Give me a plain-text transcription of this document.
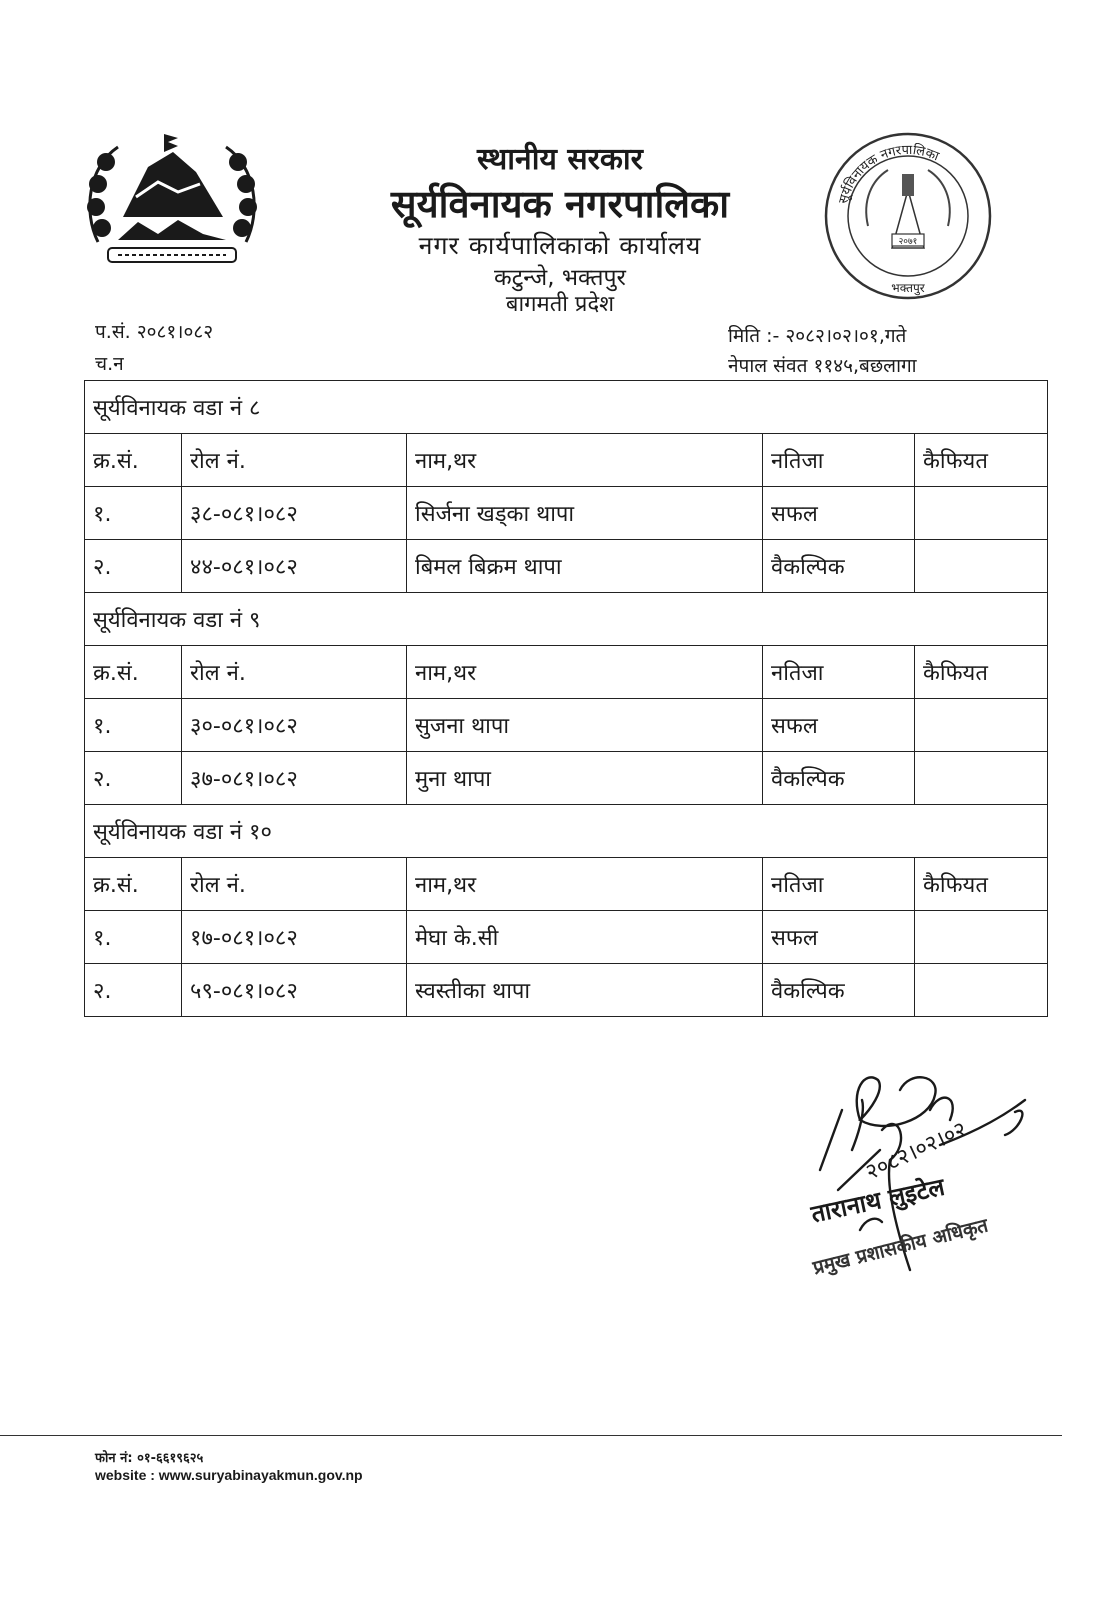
स्थानीय सरकार
सूर्यविनायक नगरपालिका
नगर कार्यपालिकाको कार्यालय
कटुन्जे, भक्तपुर
बागमती प्रदेश
२०७१
भक्तपुर
सूर्यविनायक नगरपालिका
प.सं. २०८१।०८२
च.न
मिति :- २०८२।०२।०१,गते
नेपाल संवत ११४५,बछलागा
सूर्यविनायक वडा नं ८				
क्र.सं.	रोल नं.	नाम,थर	नतिजा	कैफियत
१.	३८-०८१।०८२	सिर्जना खड्का थापा	सफल	
२.	४४-०८१।०८२	बिमल बिक्रम थापा	वैकल्पिक	
सूर्यविनायक वडा नं ९				
क्र.सं.	रोल नं.	नाम,थर	नतिजा	कैफियत
१.	३०-०८१।०८२	सुजना थापा	सफल	
२.	३७-०८१।०८२	मुना थापा	वैकल्पिक	
सूर्यविनायक वडा नं १०				
क्र.सं.	रोल नं.	नाम,थर	नतिजा	कैफियत
१.	१७-०८१।०८२	मेघा के.सी	सफल	
२.	५९-०८१।०८२	स्वस्तीका थापा	वैकल्पिक	
२०८२।०२।०२
तारानाथ लुइटेल
प्रमुख प्रशासकीय अधिकृत
फोन नं: ०१-६६१९६२५
website : www.suryabinayakmun.gov.np
